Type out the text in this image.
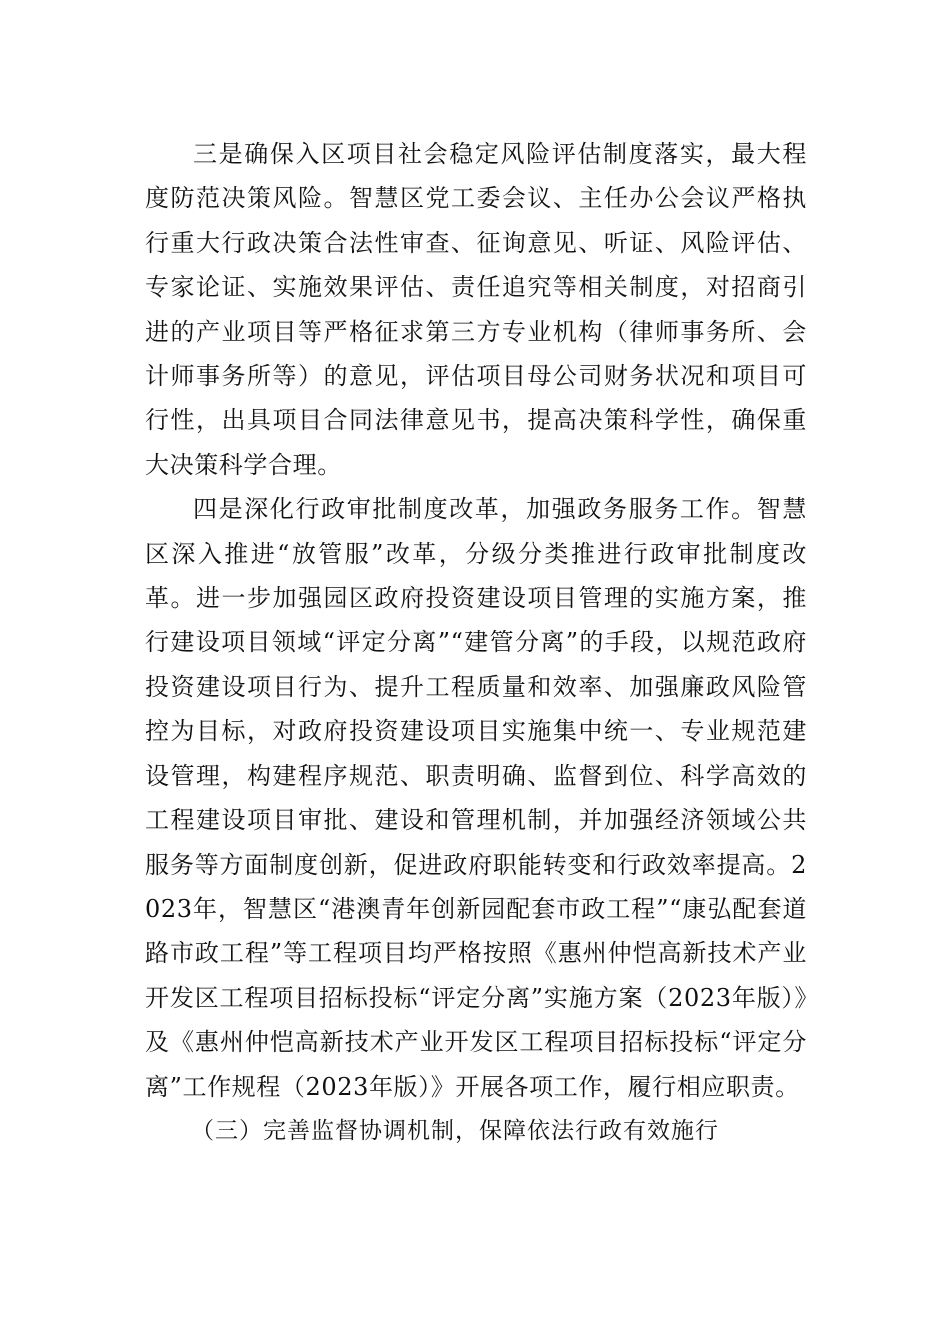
三是确保入区项目社会稳定风险评估制度落实，最大程度防范决策风险。智慧区党工委会议、主任办公会议严格执行重大行政决策合法性审查、征询意见、听证、风险评估、专家论证、实施效果评估、责任追究等相关制度，对招商引进的产业项目等严格征求第三方专业机构（律师事务所、会计师事务所等）的意见，评估项目母公司财务状况和项目可行性，出具项目合同法律意见书，提高决策科学性，确保重大决策科学合理。

四是深化行政审批制度改革，加强政务服务工作。智慧区深入推进“放管服”改革，分级分类推进行政审批制度改革。进一步加强园区政府投资建设项目管理的实施方案，推行建设项目领域“评定分离”“建管分离”的手段，以规范政府投资建设项目行为、提升工程质量和效率、加强廉政风险管控为目标，对政府投资建设项目实施集中统一、专业规范建设管理，构建程序规范、职责明确、监督到位、科学高效的工程建设项目审批、建设和管理机制，并加强经济领域公共服务等方面制度创新，促进政府职能转变和行政效率提高。2023年，智慧区“港澳青年创新园配套市政工程”“康弘配套道路市政工程”等工程项目均严格按照《惠州仲恺高新技术产业开发区工程项目招标投标“评定分离”实施方案（2023年版）》及《惠州仲恺高新技术产业开发区工程项目招标投标“评定分离”工作规程（2023年版）》开展各项工作，履行相应职责。

（三）完善监督协调机制，保障依法行政有效施行
